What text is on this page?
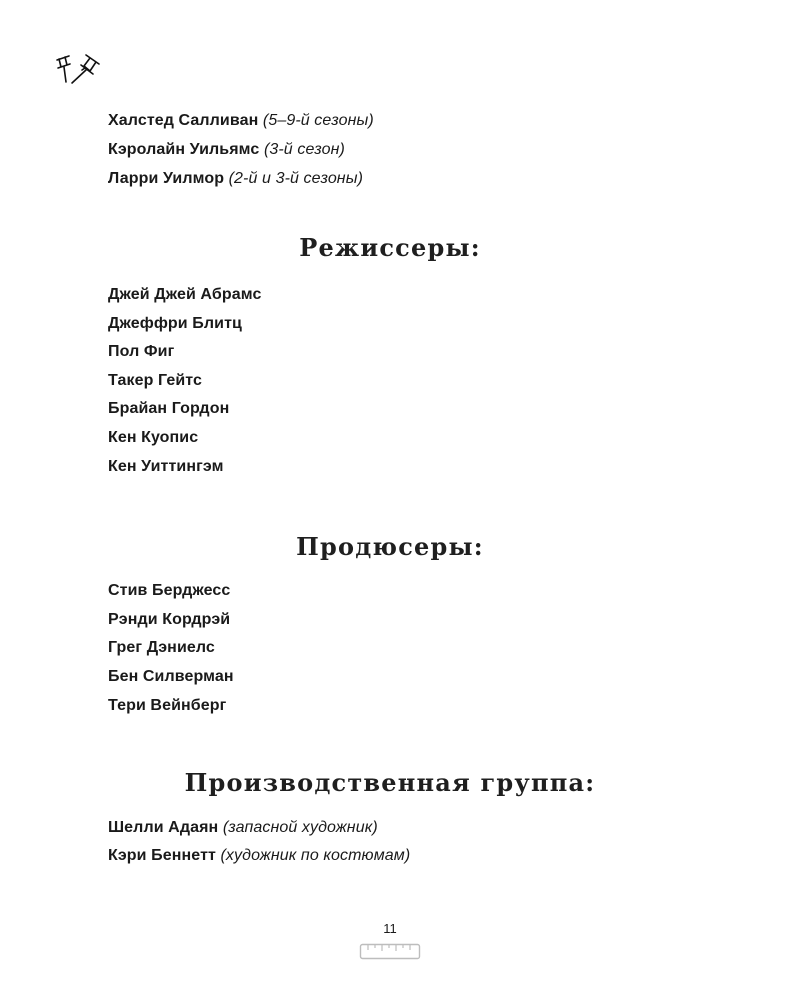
Халстед Салливан (5–9-й сезоны)
Кэролайн Уильямс (3-й сезон)
Ларри Уилмор (2-й и 3-й сезоны)
Режиссеры:
Джей Джей Абрамс
Джеффри Блитц
Пол Фиг
Такер Гейтс
Брайан Гордон
Кен Куопис
Кен Уиттингэм
Продюсеры:
Стив Берджесс
Рэнди Кордрэй
Грег Дэниелс
Бен Силверман
Тери Вейнберг
Производственная группа:
Шелли Адаян (запасной художник)
Кэри Беннетт (художник по костюмам)
11
